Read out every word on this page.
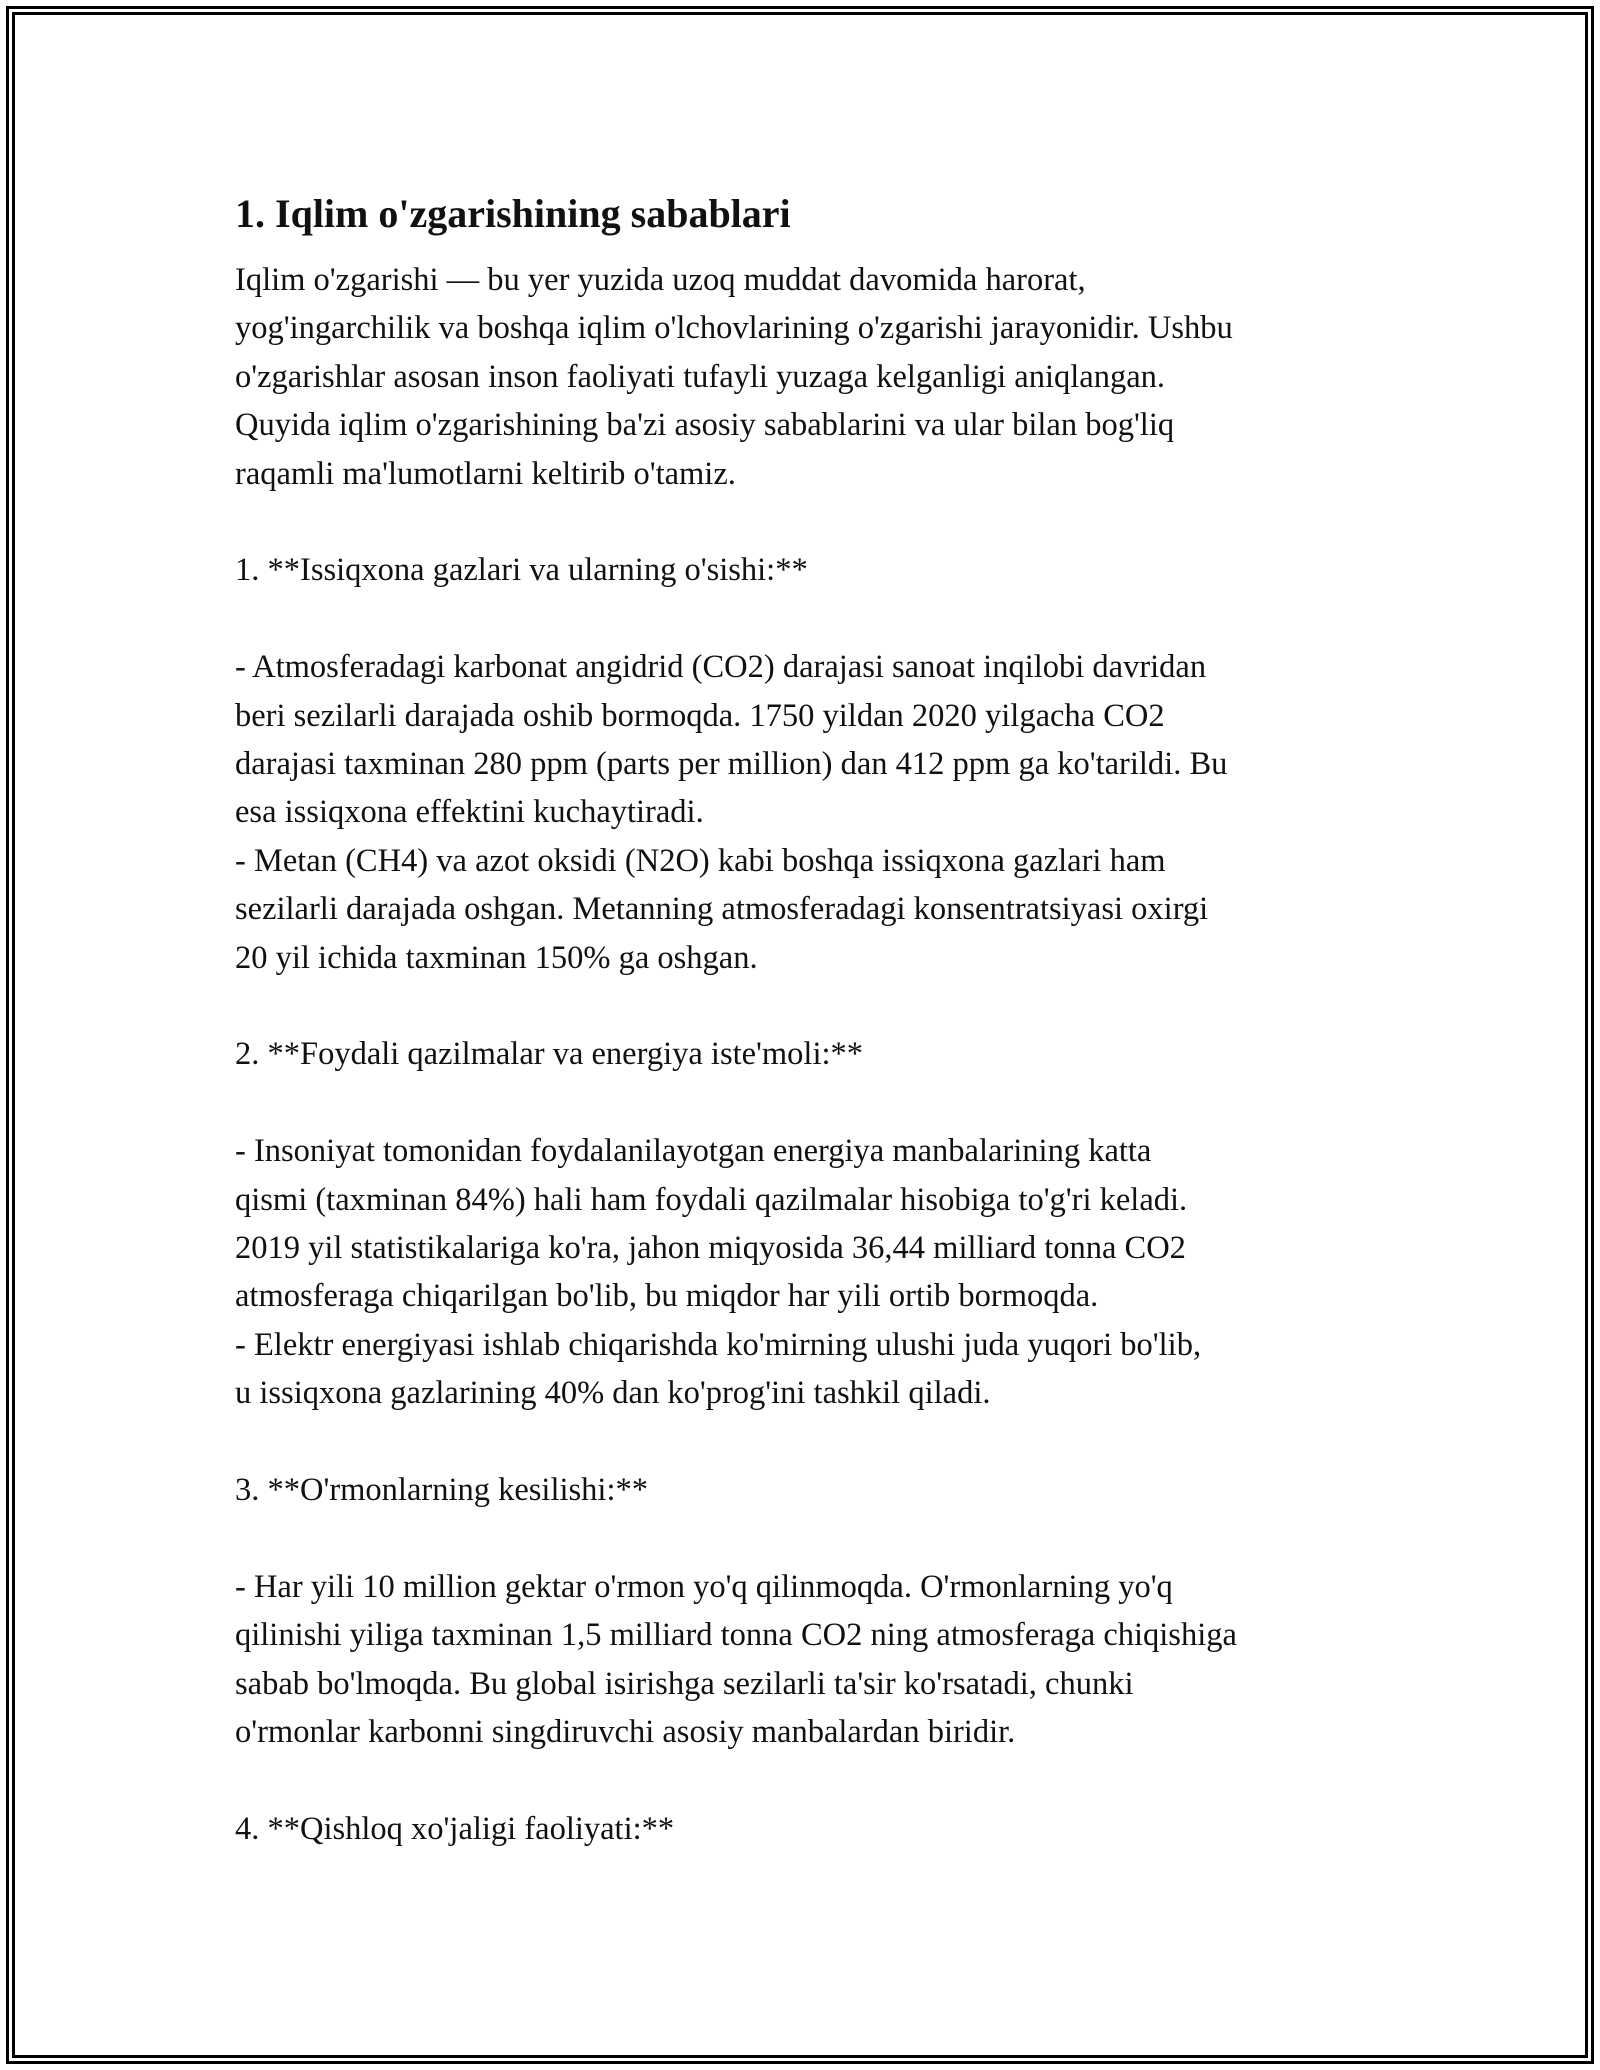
1. Iqlim o'zgarishining sabablari

Iqlim o'zgarishi — bu yer yuzida uzoq muddat davomida harorat,
yog'ingarchilik va boshqa iqlim o'lchovlarining o'zgarishi jarayonidir. Ushbu
o'zgarishlar asosan inson faoliyati tufayli yuzaga kelganligi aniqlangan.
Quyida iqlim o'zgarishining ba'zi asosiy sabablarini va ular bilan bog'liq
raqamli ma'lumotlarni keltirib o'tamiz.

1. **Issiqxona gazlari va ularning o'sishi:**

- Atmosferadagi karbonat angidrid (CO2) darajasi sanoat inqilobi davridan
beri sezilarli darajada oshib bormoqda. 1750 yildan 2020 yilgacha CO2
darajasi taxminan 280 ppm (parts per million) dan 412 ppm ga ko'tarildi. Bu
esa issiqxona effektini kuchaytiradi.

- Metan (CH4) va azot oksidi (N2O) kabi boshqa issiqxona gazlari ham
sezilarli darajada oshgan. Metanning atmosferadagi konsentratsiyasi oxirgi
20 yil ichida taxminan 150% ga oshgan.

2. **Foydali qazilmalar va energiya iste'moli:**

- Insoniyat tomonidan foydalanilayotgan energiya manbalarining katta
qismi (taxminan 84%) hali ham foydali qazilmalar hisobiga to'g'ri keladi.
2019 yil statistikalariga ko'ra, jahon miqyosida 36,44 milliard tonna CO2
atmosferaga chiqarilgan bo'lib, bu miqdor har yili ortib bormoqda.

- Elektr energiyasi ishlab chiqarishda ko'mirning ulushi juda yuqori bo'lib,
u issiqxona gazlarining 40% dan ko'prog'ini tashkil qiladi.

3. **O'rmonlarning kesilishi:**

- Har yili 10 million gektar o'rmon yo'q qilinmoqda. O'rmonlarning yo'q
qilinishi yiliga taxminan 1,5 milliard tonna CO2 ning atmosferaga chiqishiga
sabab bo'lmoqda. Bu global isirishga sezilarli ta'sir ko'rsatadi, chunki
o'rmonlar karbonni singdiruvchi asosiy manbalardan biridir.

4. **Qishloq xo'jaligi faoliyati:**
